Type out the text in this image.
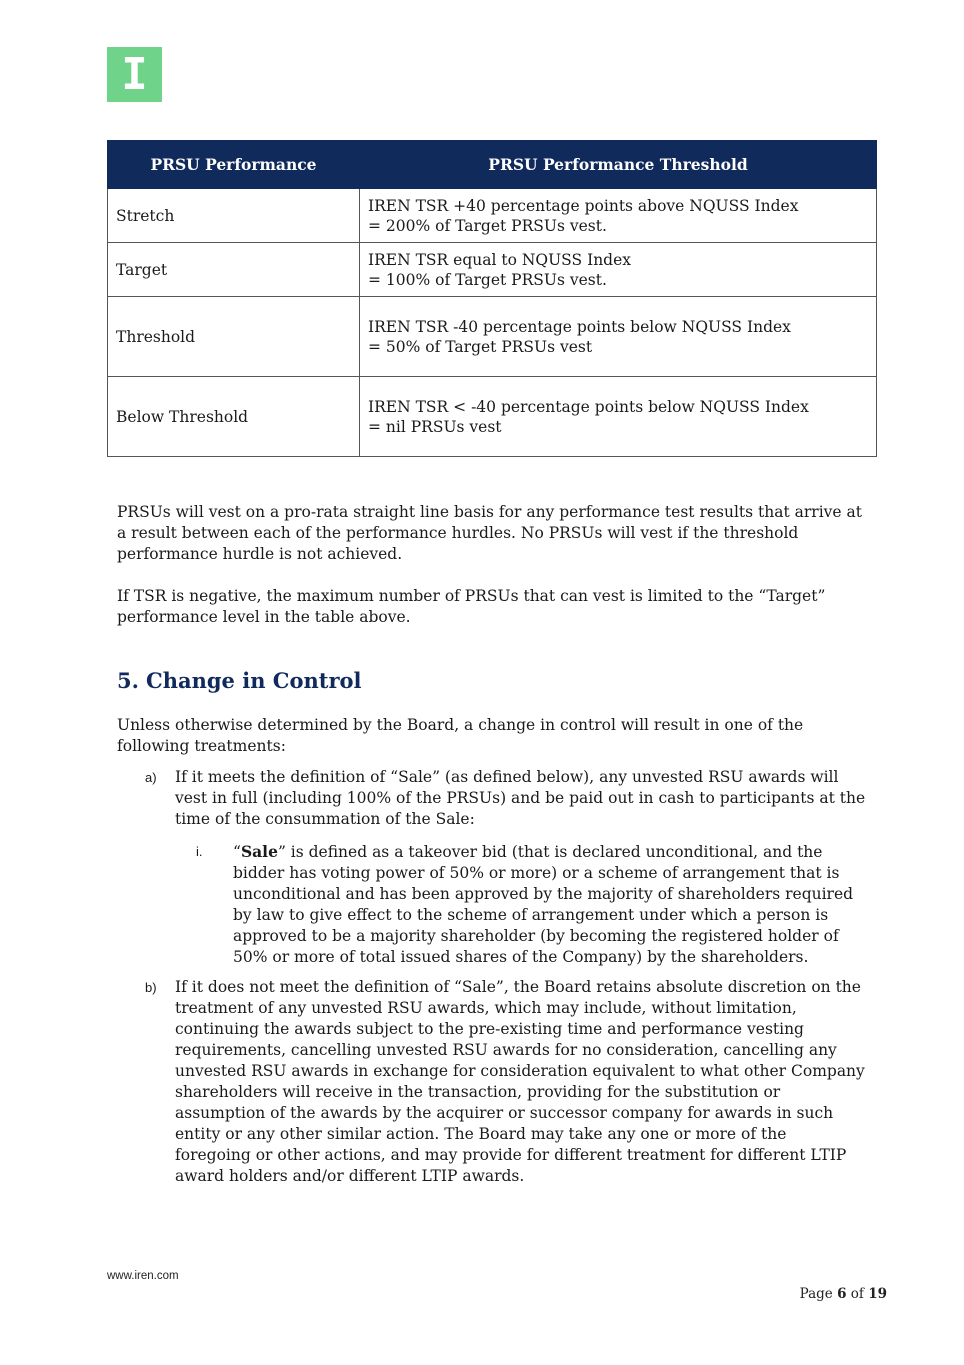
I
PRSU Performance	PRSU Performance Threshold
Stretch	IREN TSR +40 percentage points above NQUSS Index
= 200% of Target PRSUs vest.
Target	IREN TSR equal to NQUSS Index
= 100% of Target PRSUs vest.
Threshold	IREN TSR -40 percentage points below NQUSS Index
= 50% of Target PRSUs vest
Below Threshold	IREN TSR < -40 percentage points below NQUSS Index
= nil PRSUs vest

PRSUs will vest on a pro-rata straight line basis for any performance test results that arrive at a result between each of the performance hurdles. No PRSUs will vest if the threshold performance hurdle is not achieved.

If TSR is negative, the maximum number of PRSUs that can vest is limited to the “Target” performance level in the table above.

5. Change in Control

Unless otherwise determined by the Board, a change in control will result in one of the following treatments:

a) If it meets the definition of “Sale” (as defined below), any unvested RSU awards will vest in full (including 100% of the PRSUs) and be paid out in cash to participants at the time of the consummation of the Sale:
i. “Sale” is defined as a takeover bid (that is declared unconditional, and the bidder has voting power of 50% or more) or a scheme of arrangement that is unconditional and has been approved by the majority of shareholders required by law to give effect to the scheme of arrangement under which a person is approved to be a majority shareholder (by becoming the registered holder of 50% or more of total issued shares of the Company) by the shareholders.
b) If it does not meet the definition of “Sale”, the Board retains absolute discretion on the treatment of any unvested RSU awards, which may include, without limitation, continuing the awards subject to the pre-existing time and performance vesting requirements, cancelling unvested RSU awards for no consideration, cancelling any unvested RSU awards in exchange for consideration equivalent to what other Company shareholders will receive in the transaction, providing for the substitution or assumption of the awards by the acquirer or successor company for awards in such entity or any other similar action. The Board may take any one or more of the foregoing or other actions, and may provide for different treatment for different LTIP award holders and/or different LTIP awards.
www.iren.com
Page 6 of 19
